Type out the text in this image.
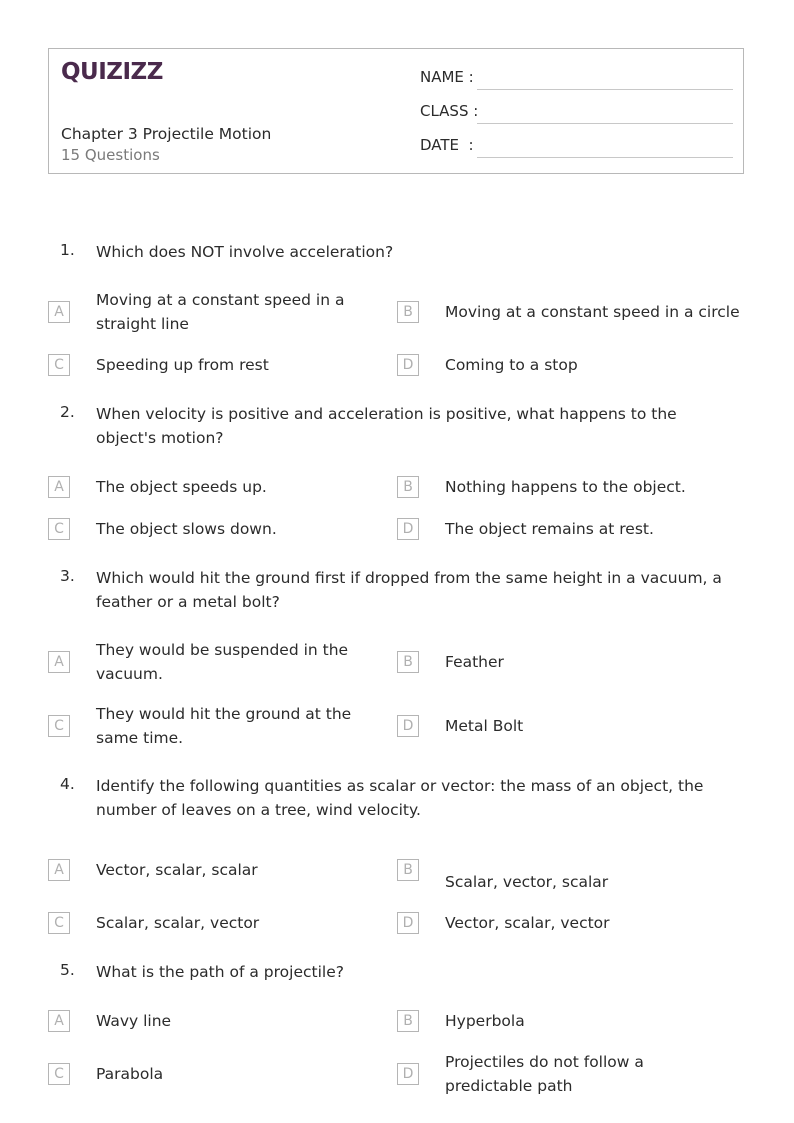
QUIZIZZ
Chapter 3 Projectile Motion
15 Questions
NAME :
CLASS :
DATE  :
1. Which does NOT involve acceleration?
A
Moving at a constant speed in a straight line
B	Moving at a constant speed in a circle
C	Speeding up from rest	D	Coming to a stop
2. When velocity is positive and acceleration is positive, what happens to the object's motion?
A	The object speeds up.	B	Nothing happens to the object.
C	The object slows down.	D	The object remains at rest.
3. Which would hit the ground first if dropped from the same height in a vacuum, a feather or a metal bolt?
A
They would be suspended in the vacuum.
B	Feather
C
They would hit the ground at the same time.
D	Metal Bolt
4. Identify the following quantities as scalar or vector: the mass of an object, the number of leaves on a tree, wind velocity.
A	Vector, scalar, scalar	B
Scalar, vector, scalar
C	Scalar, scalar, vector	D	Vector, scalar, vector
5. What is the path of a projectile?
A	Wavy line	B	Hyperbola
C	Parabola	D
Projectiles do not follow a predictable path
